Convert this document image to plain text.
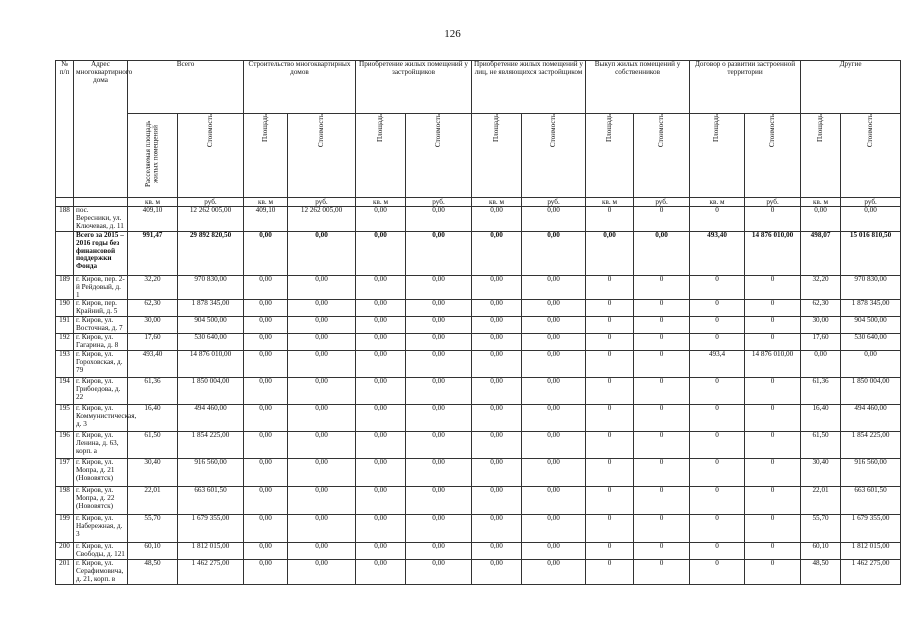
126
№ п/п	Адрес многоквартирного дома	Всего		Строительство многоквартирных домов		Приобретение жилых помещений у застройщиков		Приобретение жилых помещений у лиц, не являющихся застройщиком		Выкуп жилых помещений у собственников		Договор о развитии застроенной территории		Другие	
		Расселяемая площадь жилых помещений	Стоимость	Площадь	Стоимость	Площадь	Стоимость	Площадь	Стоимость	Площадь	Стоимость	Площадь	Стоимость	Площадь	Стоимость
		кв. м	руб.	кв. м	руб.	кв. м	руб.	кв. м	руб.	кв. м	руб.	кв. м	руб.	кв. м	руб.
188	пос. Вересники, ул. Ключевая, д. 11	409,10	12 262 005,00	409,10	12 262 005,00	0,00	0,00	0,00	0,00	0	0	0	0	0,00	0,00
	Всего за 2015 – 2016 годы без финансовой поддержки Фонда	991,47	29 892 820,50	0,00	0,00	0,00	0,00	0,00	0,00	0,00	0,00	493,40	14 876 010,00	498,07	15 016 810,50
189	г. Киров, пер. 2-й Рейдовый, д. 1	32,20	970 830,00	0,00	0,00	0,00	0,00	0,00	0,00	0	0	0	0	32,20	970 830,00
190	г. Киров, пер. Крайний, д. 5	62,30	1 878 345,00	0,00	0,00	0,00	0,00	0,00	0,00	0	0	0	0	62,30	1 878 345,00
191	г. Киров, ул. Восточная, д. 7	30,00	904 500,00	0,00	0,00	0,00	0,00	0,00	0,00	0	0	0	0	30,00	904 500,00
192	г. Киров, ул. Гагарина, д. 8	17,60	530 640,00	0,00	0,00	0,00	0,00	0,00	0,00	0	0	0	0	17,60	530 640,00
193	г. Киров, ул. Гороховская, д. 79	493,40	14 876 010,00	0,00	0,00	0,00	0,00	0,00	0,00	0	0	493,4	14 876 010,00	0,00	0,00
194	г. Киров, ул. Грибоедова, д. 22	61,36	1 850 004,00	0,00	0,00	0,00	0,00	0,00	0,00	0	0	0	0	61,36	1 850 004,00
195	г. Киров, ул. Коммунистическая, д. 3	16,40	494 460,00	0,00	0,00	0,00	0,00	0,00	0,00	0	0	0	0	16,40	494 460,00
196	г. Киров, ул. Ленина, д. 63, корп. а	61,50	1 854 225,00	0,00	0,00	0,00	0,00	0,00	0,00	0	0	0	0	61,50	1 854 225,00
197	г. Киров, ул. Мопра, д. 21 (Нововятск)	30,40	916 560,00	0,00	0,00	0,00	0,00	0,00	0,00	0	0	0	0	30,40	916 560,00
198	г. Киров, ул. Мопра, д. 22 (Нововятск)	22,01	663 601,50	0,00	0,00	0,00	0,00	0,00	0,00	0	0	0	0	22,01	663 601,50
199	г. Киров, ул. Набережная, д. 3	55,70	1 679 355,00	0,00	0,00	0,00	0,00	0,00	0,00	0	0	0	0	55,70	1 679 355,00
200	г. Киров, ул. Свободы, д. 121	60,10	1 812 015,00	0,00	0,00	0,00	0,00	0,00	0,00	0	0	0	0	60,10	1 812 015,00
201	г. Киров, ул. Серафимовича, д. 21, корп. в	48,50	1 462 275,00	0,00	0,00	0,00	0,00	0,00	0,00	0	0	0	0	48,50	1 462 275,00
